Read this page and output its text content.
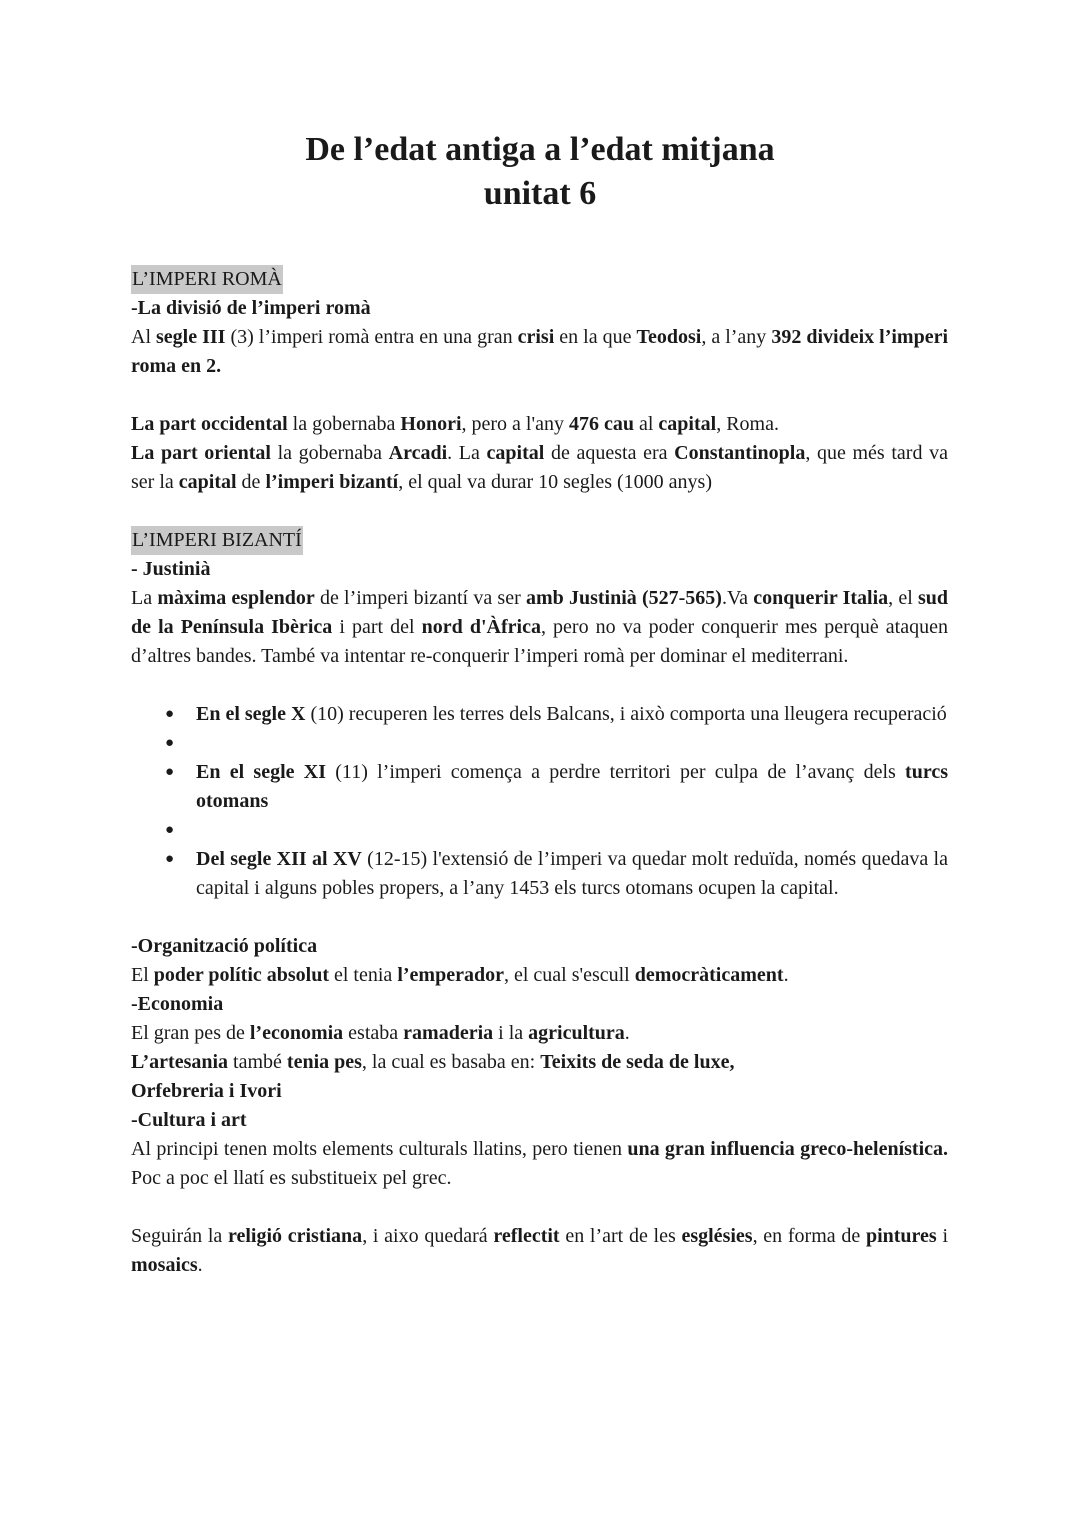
De l’edat antiga a l’edat mitjana
unitat 6
L’IMPERI ROMÀ
-La divisió de l’imperi romà
Al segle III (3) l’imperi romà entra en una gran crisi en la que Teodosi, a l’any 392 divideix l’imperi roma en 2.
La part occidental la gobernaba Honori, pero a l'any 476 cau al capital, Roma.
La part oriental la gobernaba Arcadi. La capital de aquesta era Constantinopla, que més tard va ser la capital de l’imperi bizantí, el qual va durar 10 segles (1000 anys)
L’IMPERI BIZANTÍ
- Justinià
La màxima esplendor de l’imperi bizantí va ser amb Justinià (527-565).Va conquerir Italia, el sud de la Península Ibèrica i part del nord d'Àfrica, pero no va poder conquerir mes perquè ataquen d’altres bandes. També va intentar re-conquerir l’imperi romà per dominar el mediterrani.
● En el segle X (10) recuperen les terres dels Balcans, i això comporta una lleugera recuperació
●
● En el segle XI (11) l’imperi comença a perdre territori per culpa de l’avanç dels turcs otomans
●
● Del segle XII al XV (12-15) l'extensió de l’imperi va quedar molt reduïda, només quedava la capital i alguns pobles propers, a l’any 1453 els turcs otomans ocupen la capital.
-Organització política
El poder polític absolut el tenia l’emperador, el cual s'escull democràticament.
-Economia
El gran pes de l’economia estaba ramaderia i la agricultura.
L’artesania també tenia pes, la cual es basaba en: Teixits de seda de luxe,
Orfebreria i Ivori
-Cultura i art
Al principi tenen molts elements culturals llatins, pero tienen una gran influencia greco-helenística. Poc a poc el llatí es substitueix pel grec.
Seguirán la religió cristiana, i aixo quedará reflectit en l’art de les esglésies, en forma de pintures i mosaics.
